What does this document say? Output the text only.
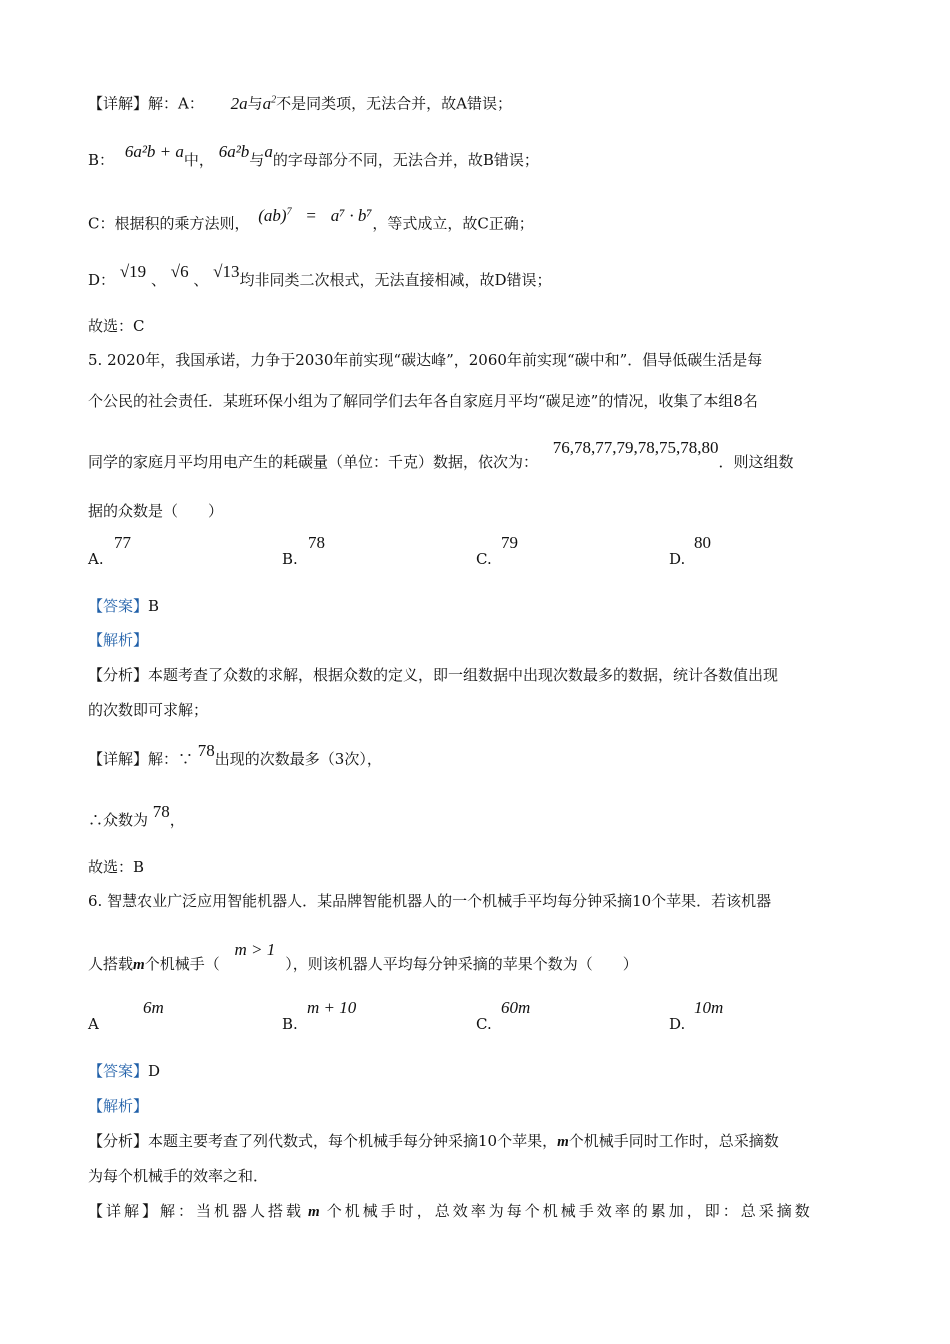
【详解】解：A： 2a与$a^2$不是同类项，无法合并，故A错误；
B： 6a²b + a中， 6a²b与a的字母部分不同，无法合并，故B错误；
C：根据积的乘方法则， (ab)$^7$ = a⁷ · b⁷，等式成立，故C正确；
D： √19 、 √6 、 √13均非同类二次根式，无法直接相减，故D错误；
故选：C
5. 2020年，我国承诺，力争于2030年前实现“碳达峰”，2060年前实现“碳中和”．倡导低碳生活是每
个公民的社会责任．某班环保小组为了解同学们去年各自家庭月平均“碳足迹”的情况，收集了本组8名
同学的家庭月平均用电产生的耗碳量（单位：千克）数据，依次为： 76,78,77,79,78,75,78,80．则这组数
据的众数是（　　）
A.
77
B.
78
C.
79
D.
80
【答案】B
【解析】
【分析】本题考查了众数的求解，根据众数的定义，即一组数据中出现次数最多的数据，统计各数值出现
的次数即可求解；
【详解】解：∵ 78出现的次数最多（3次），
∴众数为 78，
故选：B
6. 智慧农业广泛应用智能机器人．某品牌智能机器人的一个机械手平均每分钟采摘10个苹果．若该机器
人搭载m个机械手（ m > 1），则该机器人平均每分钟采摘的苹果个数为（　　）
A
6m
B.
m + 10
C.
60m
D.
10m
【答案】D
【解析】
【分析】本题主要考查了列代数式，每个机械手每分钟采摘10个苹果，m个机械手同时工作时，总采摘数
为每个机械手的效率之和．
【详解】解：当机器人搭载 m 个机械手时，总效率为每个机械手效率的累加，即：总采摘数
